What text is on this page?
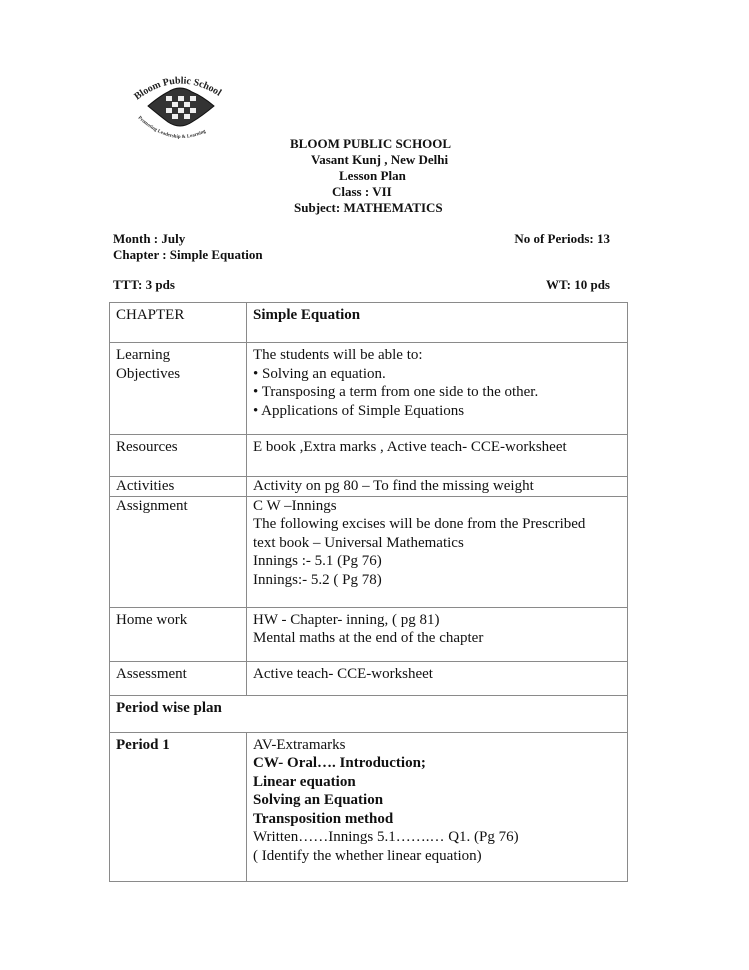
Bloom Public School
Promoting Leadership & Learning
BLOOM PUBLIC SCHOOL
Vasant Kunj , New Delhi
Lesson Plan
Class : VII
Subject: MATHEMATICS
Month : July
Chapter : Simple Equation
No of Periods: 13
TTT: 3 pds	WT: 10 pds
CHAPTER	Simple Equation

Learning
Objectives	The students will be able to:
• Solving an equation.
• Transposing a term from one side to the other.
• Applications of Simple Equations

Resources	E book ,Extra marks , Active teach- CCE-worksheet
Activities	Activity on pg 80 – To find the missing weight
Assignment	C W –Innings
The following excises will be done from the Prescribed
text book – Universal Mathematics
Innings :- 5.1 (Pg 76)
Innings:- 5.2 ( Pg 78)

Home work	HW - Chapter- inning, ( pg 81)
Mental maths at the end of the chapter

Assessment	Active teach- CCE-worksheet
Period wise plan	
Period 1	AV-Extramarks
CW- Oral…. Introduction;
Linear equation
Solving an Equation
Transposition method
Written……Innings 5.1…….… Q1. (Pg 76)
( Identify the whether linear equation)
